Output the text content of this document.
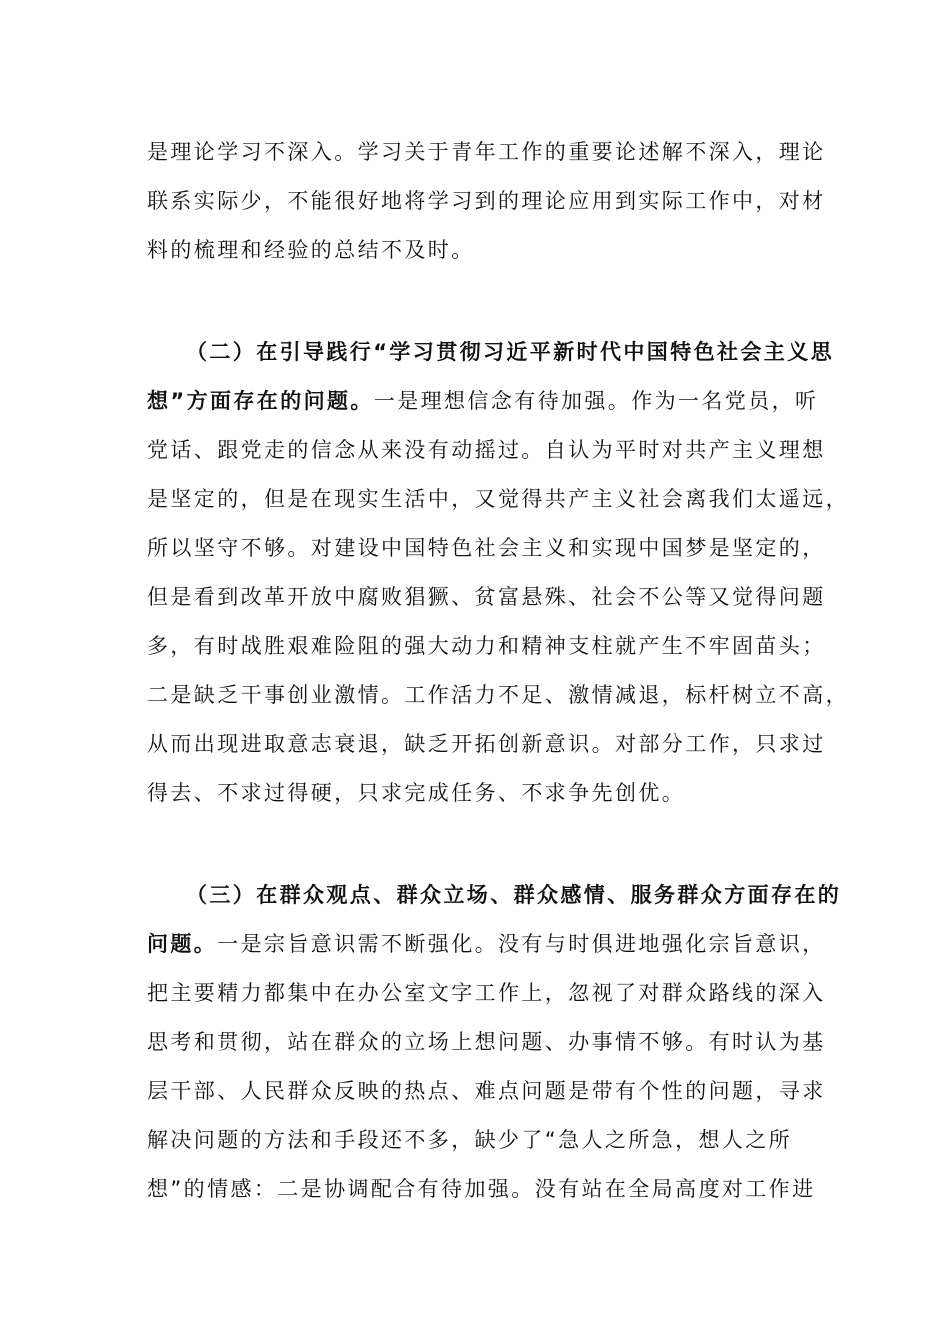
是理论学习不深入。学习关于青年工作的重要论述解不深入，理论
联系实际少，不能很好地将学习到的理论应用到实际工作中，对材
料的梳理和经验的总结不及时。
（二）在引导践行“学习贯彻习近平新时代中国特色社会主义思
想”方面存在的问题。一是理想信念有待加强。作为一名党员，听
党话、跟党走的信念从来没有动摇过。自认为平时对共产主义理想
是坚定的，但是在现实生活中，又觉得共产主义社会离我们太遥远，
所以坚守不够。对建设中国特色社会主义和实现中国梦是坚定的，
但是看到改革开放中腐败猖獗、贫富悬殊、社会不公等又觉得问题
多，有时战胜艰难险阻的强大动力和精神支柱就产生不牢固苗头；
二是缺乏干事创业激情。工作活力不足、激情减退，标杆树立不高，
从而出现进取意志衰退，缺乏开拓创新意识。对部分工作，只求过
得去、不求过得硬，只求完成任务、不求争先创优。
（三）在群众观点、群众立场、群众感情、服务群众方面存在的
问题。一是宗旨意识需不断强化。没有与时俱进地强化宗旨意识，
把主要精力都集中在办公室文字工作上，忽视了对群众路线的深入
思考和贯彻，站在群众的立场上想问题、办事情不够。有时认为基
层干部、人民群众反映的热点、难点问题是带有个性的问题，寻求
解决问题的方法和手段还不多，缺少了“急人之所急，想人之所
想”的情感：二是协调配合有待加强。没有站在全局高度对工作进
